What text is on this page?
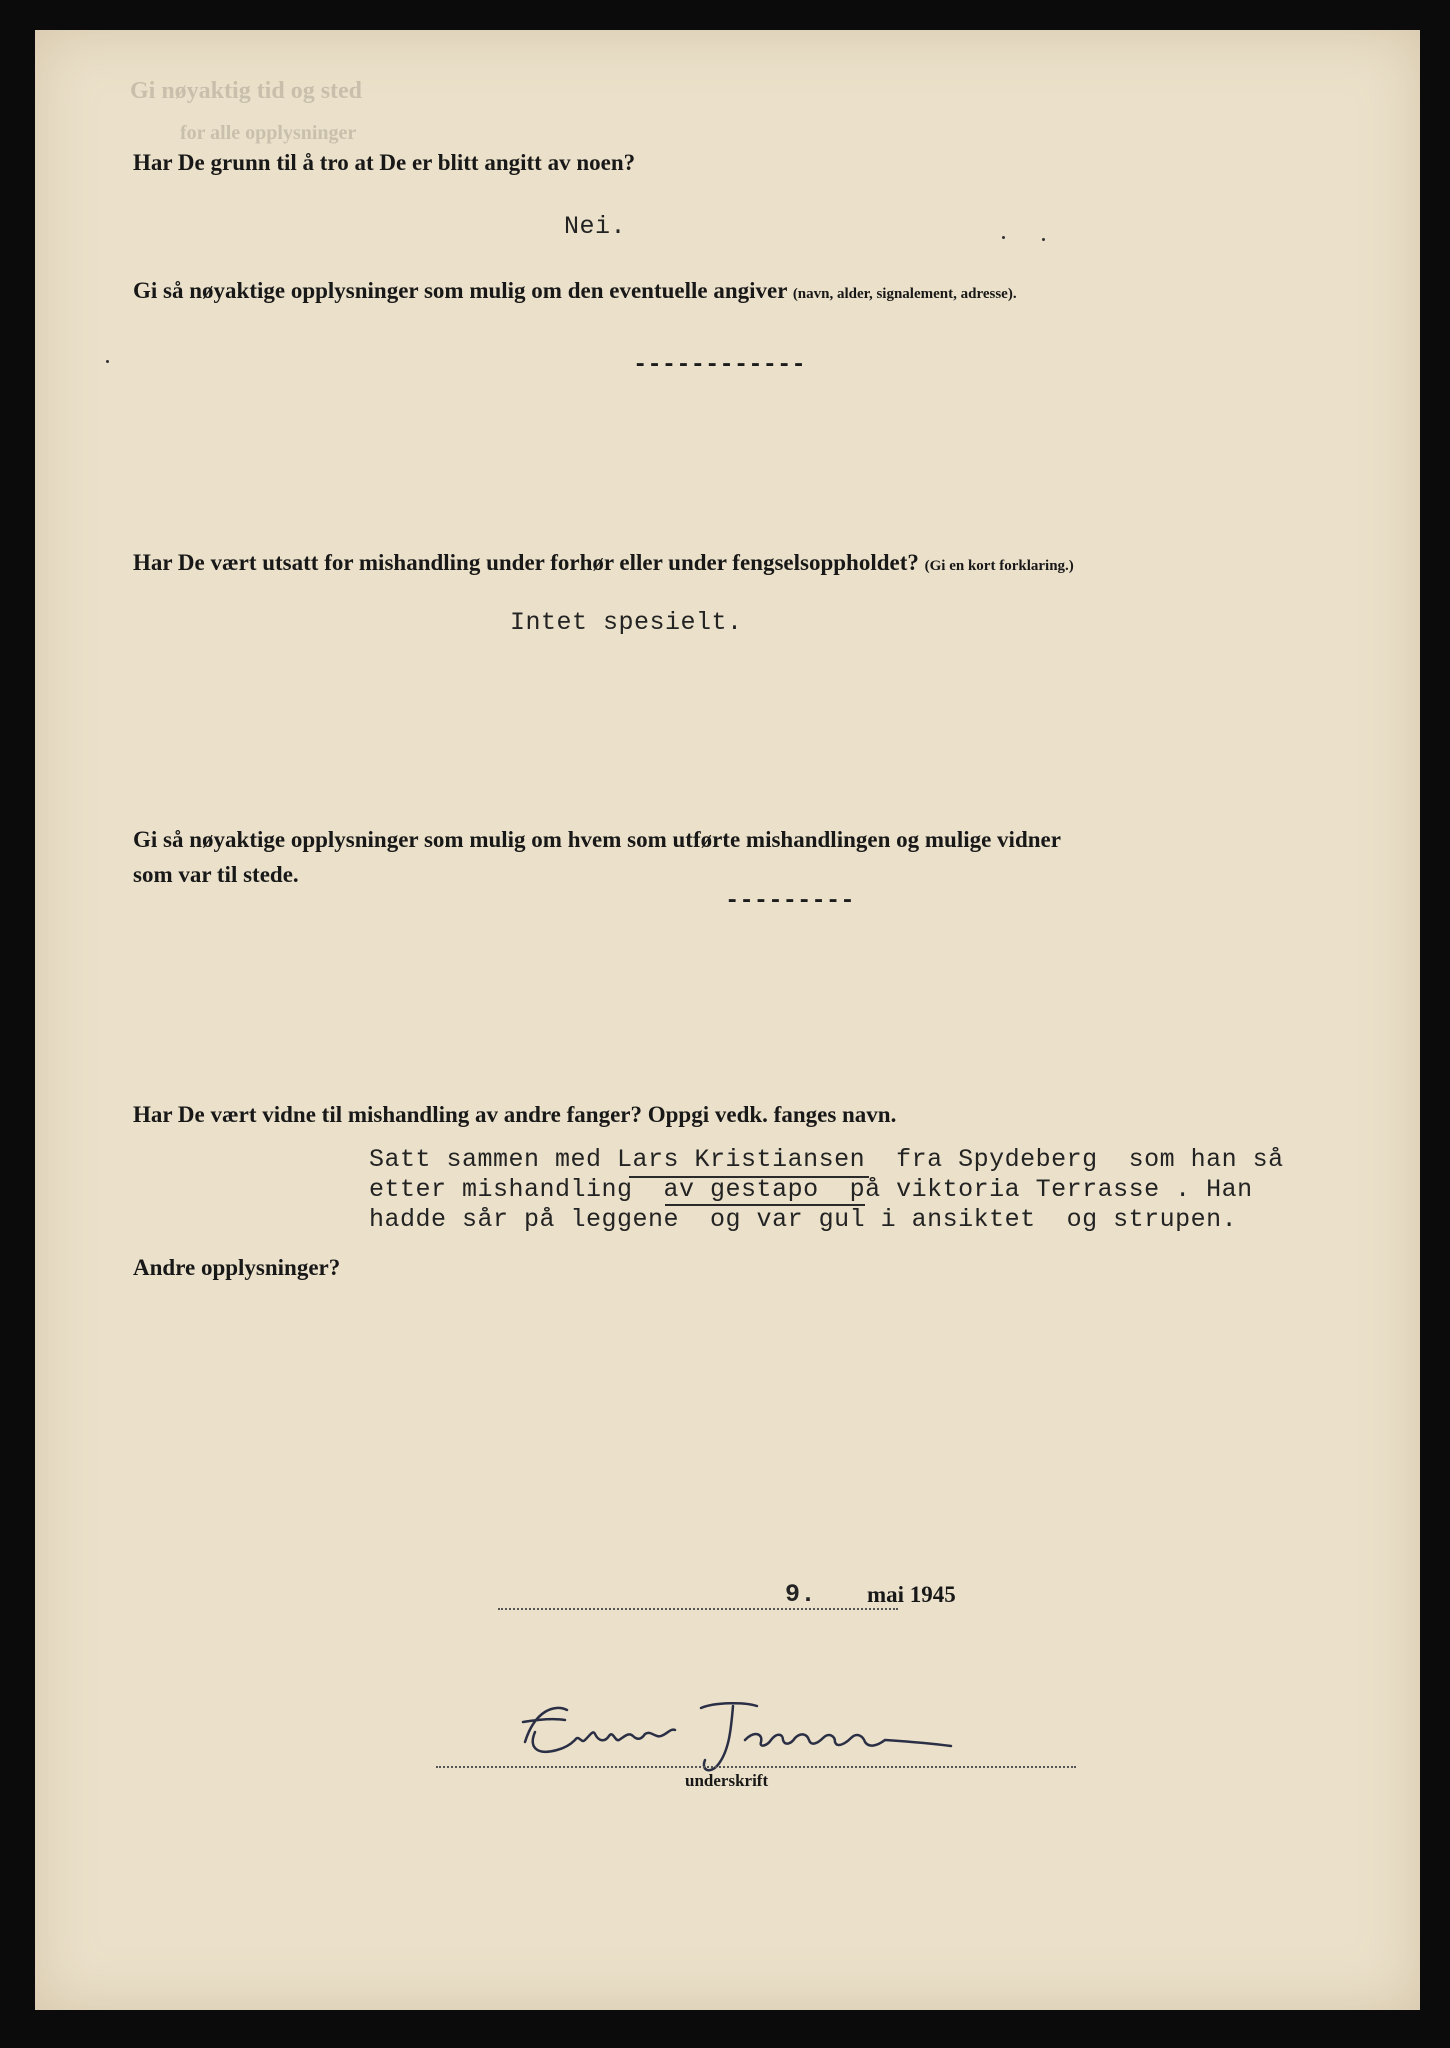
Gi nøyaktig tid og sted
for alle opplysninger
Har De grunn til å tro at De er blitt angitt av noen?
Nei.
Gi så nøyaktige opplysninger som mulig om den eventuelle angiver (navn, alder, signalement, adresse).
------------
Har De vært utsatt for mishandling under forhør eller under fengselsoppholdet? (Gi en kort forklaring.)
Intet spesielt.
Gi så nøyaktige opplysninger som mulig om hvem som utførte mishandlingen og mulige vidner
som var til stede.
---------
Har De vært vidne til mishandling av andre fanger? Oppgi vedk. fanges navn.
Satt sammen med Lars Kristiansen  fra Spydeberg  som han så
etter mishandling  av gestapo  på viktoria Terrasse . Han
hadde sår på leggene  og var gul i ansiktet  og strupen.
Andre opplysninger?
9. mai 1945
underskrift
